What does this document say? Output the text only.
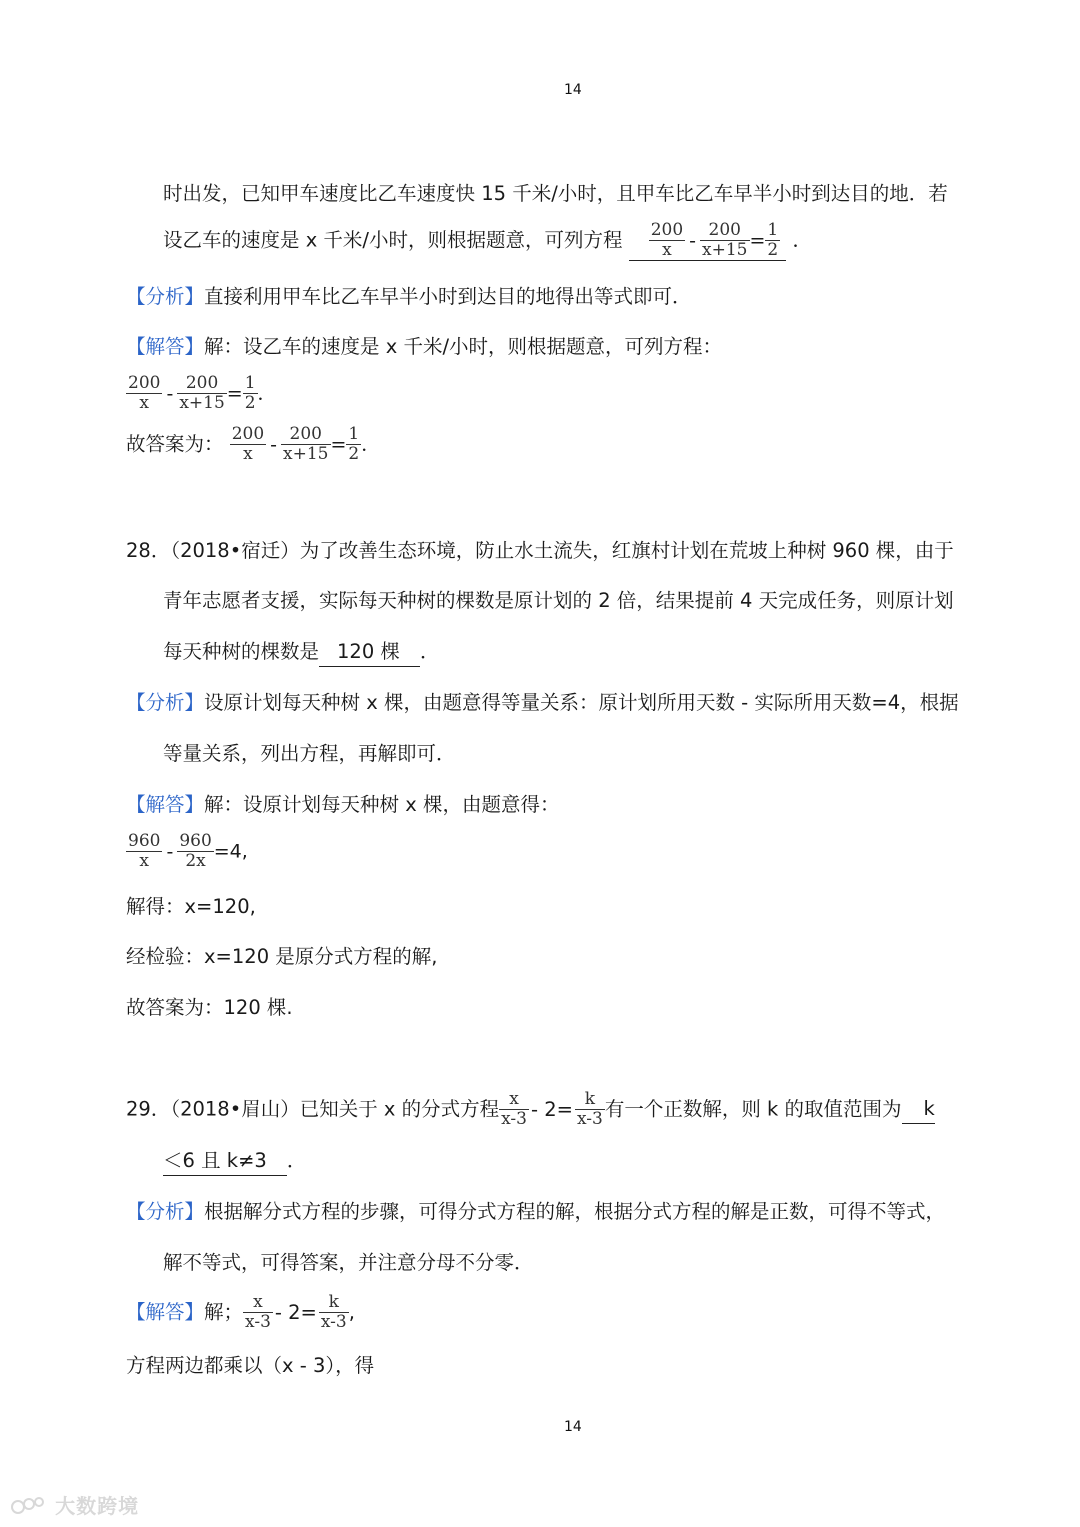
14
时出发，已知甲车速度比乙车速度快 15 千米/小时，且甲车比乙车早半小时到达目的地．若
设乙车的速度是 x 千米/小时，则根据题意，可列方程 $\frac{200}{x} - \frac{200}{x+15} = \frac{1}{2}$ ．
【分析】直接利用甲车比乙车早半小时到达目的地得出等式即可．
【解答】解：设乙车的速度是 x 千米/小时，则根据题意，可列方程：
$\frac{200}{x} - \frac{200}{x+15} = \frac{1}{2}$ ．
故答案为： $\frac{200}{x} - \frac{200}{x+15} = \frac{1}{2}$ ．
28．（2018•宿迁）为了改善生态环境，防止水土流失，红旗村计划在荒坡上种树 960 棵，由于
青年志愿者支援，实际每天种树的棵数是原计划的 2 倍，结果提前 4 天完成任务，则原计划
每天种树的棵数是 120 棵 ．
【分析】设原计划每天种树 x 棵，由题意得等量关系：原计划所用天数 - 实际所用天数=4，根据
等量关系，列出方程，再解即可．
【解答】解：设原计划每天种树 x 棵，由题意得：
$\frac{960}{x} - \frac{960}{2x} =4$,
解得：x=120,
经检验：x=120 是原分式方程的解,
故答案为：120 棵.
29．（2018•眉山）已知关于 x 的分式方程 $\frac{x}{x-3} - 2= \frac{k}{x-3}$ 有一个正数解，则 k 的取值范围为 k
＜6 且 k≠3 ．
【分析】根据解分式方程的步骤，可得分式方程的解，根据分式方程的解是正数，可得不等式，
解不等式，可得答案，并注意分母不分零．
【解答】解； $\frac{x}{x-3} - 2= \frac{k}{x-3}$ ,
方程两边都乘以（x - 3），得
14
大数跨境
